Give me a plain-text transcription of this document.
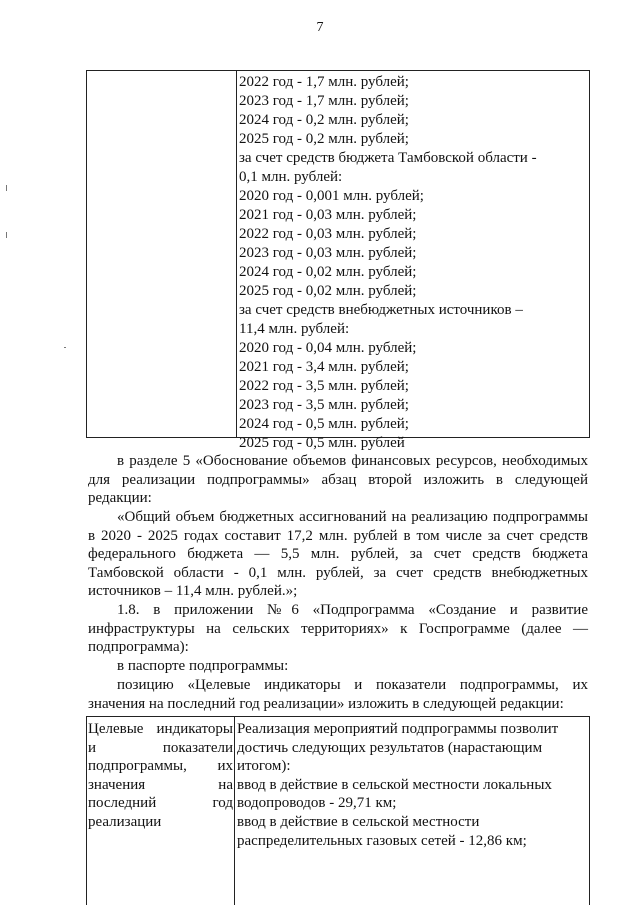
7
2022 год - 1,7 млн. рублей;
2023 год - 1,7 млн. рублей;
2024 год - 0,2 млн. рублей;
2025 год - 0,2 млн. рублей;
за счет средств бюджета Тамбовской области -
0,1 млн. рублей:
2020 год - 0,001 млн. рублей;
2021 год - 0,03 млн. рублей;
2022 год - 0,03 млн. рублей;
2023 год - 0,03 млн. рублей;
2024 год - 0,02 млн. рублей;
2025 год - 0,02 млн. рублей;
за счет средств внебюджетных источников –
11,4 млн. рублей:
2020 год - 0,04 млн. рублей;
2021 год - 3,4 млн. рублей;
2022 год - 3,5 млн. рублей;
2023 год - 3,5 млн. рублей;
2024 год - 0,5 млн. рублей;
2025 год - 0,5 млн. рублей
в разделе 5 «Обоснование объемов финансовых ресурсов, необходимых
для реализации подпрограммы» абзац второй изложить в следующей
редакции:
«Общий объем бюджетных ассигнований на реализацию подпрограммы
в 2020 - 2025 годах составит 17,2 млн. рублей в том числе за счет средств
федерального бюджета — 5,5 млн. рублей, за счет средств бюджета
Тамбовской области - 0,1 млн. рублей, за счет средств внебюджетных
источников – 11,4 млн. рублей.»;
1.8. в приложении №6 «Подпрограмма «Создание и развитие
инфраструктуры на сельских территориях» к Госпрограмме (далее —
подпрограмма):
в паспорте подпрограммы:
позицию «Целевые индикаторы и показатели подпрограммы, их
значения на последний год реализации» изложить в следующей редакции:
Целевые индикаторы
и показатели
подпрограммы, их
значения на
последний год
реализации
Реализация мероприятий подпрограммы позволит
достичь следующих результатов (нарастающим
итогом):
ввод в действие в сельской местности локальных
водопроводов - 29,71 км;
ввод в действие в сельской местности
распределительных газовых сетей - 12,86 км;
